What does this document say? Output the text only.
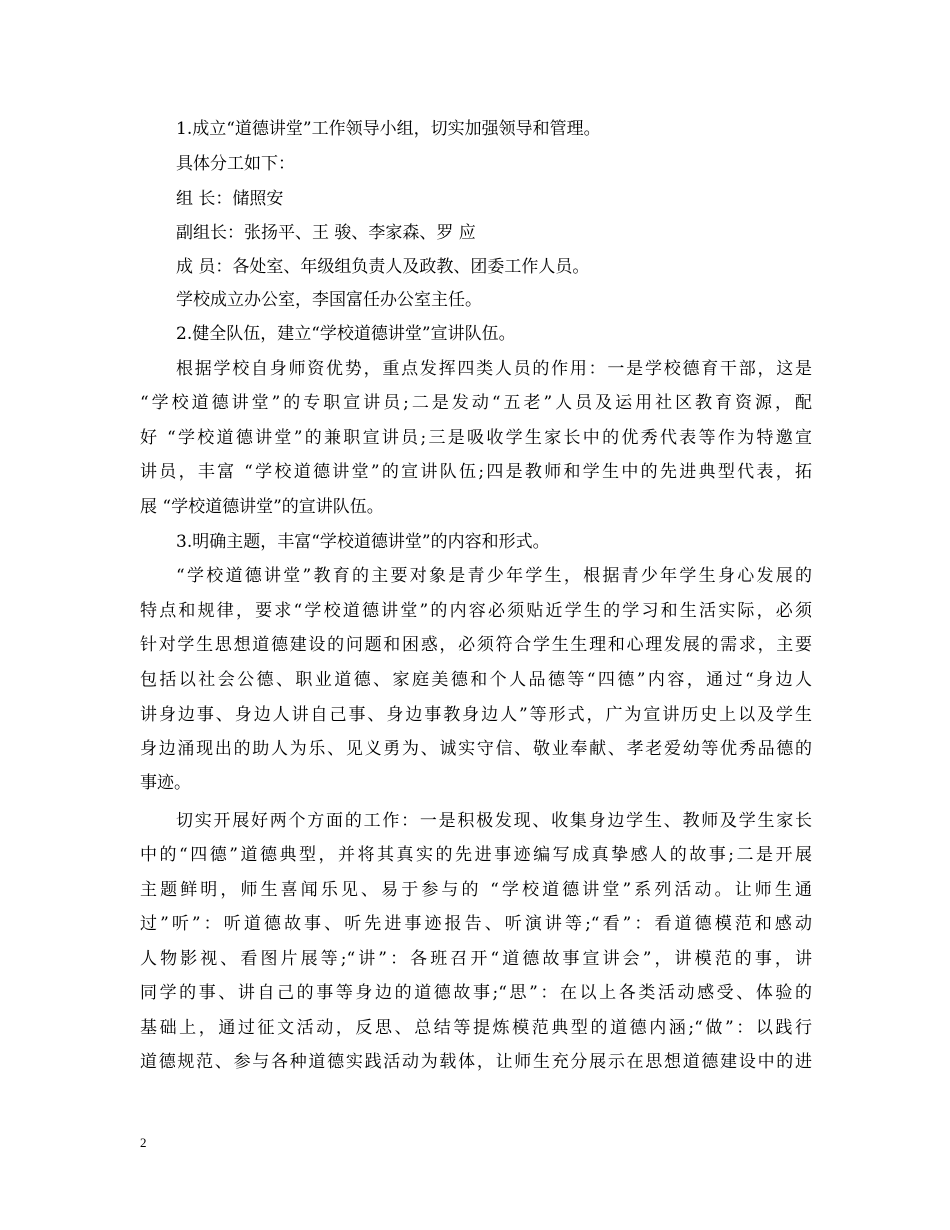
1.成立“道德讲堂”工作领导小组，切实加强领导和管理。
具体分工如下：
组 长：储照安
副组长：张扬平、王 骏、李家森、罗 应
成 员：各处室、年级组负责人及政教、团委工作人员。
学校成立办公室，李国富任办公室主任。
2.健全队伍，建立“学校道德讲堂”宣讲队伍。
根据学校自身师资优势，重点发挥四类人员的作用：一是学校德育干部，这是
“学校道德讲堂”的专职宣讲员;二是发动“五老”人员及运用社区教育资源，配
好 “学校道德讲堂”的兼职宣讲员;三是吸收学生家长中的优秀代表等作为特邀宣
讲员，丰富 “学校道德讲堂”的宣讲队伍;四是教师和学生中的先进典型代表，拓
展 “学校道德讲堂”的宣讲队伍。
3.明确主题，丰富“学校道德讲堂”的内容和形式。
“学校道德讲堂”教育的主要对象是青少年学生，根据青少年学生身心发展的
特点和规律，要求“学校道德讲堂”的内容必须贴近学生的学习和生活实际，必须
针对学生思想道德建设的问题和困惑，必须符合学生生理和心理发展的需求，主要
包括以社会公德、职业道德、家庭美德和个人品德等“四德”内容，通过“身边人
讲身边事、身边人讲自己事、身边事教身边人”等形式，广为宣讲历史上以及学生
身边涌现出的助人为乐、见义勇为、诚实守信、敬业奉献、孝老爱幼等优秀品德的
事迹。
切实开展好两个方面的工作：一是积极发现、收集身边学生、教师及学生家长
中的“四德”道德典型，并将其真实的先进事迹编写成真挚感人的故事;二是开展
主题鲜明，师生喜闻乐见、易于参与的 “学校道德讲堂”系列活动。让师生通
过”听”：听道德故事、听先进事迹报告、听演讲等;“看”：看道德模范和感动
人物影视、看图片展等;“讲”：各班召开“道德故事宣讲会”，讲模范的事，讲
同学的事、讲自己的事等身边的道德故事;“思”：在以上各类活动感受、体验的
基础上，通过征文活动，反思、总结等提炼模范典型的道德内涵;“做”：以践行
道德规范、参与各种道德实践活动为载体，让师生充分展示在思想道德建设中的进
2
